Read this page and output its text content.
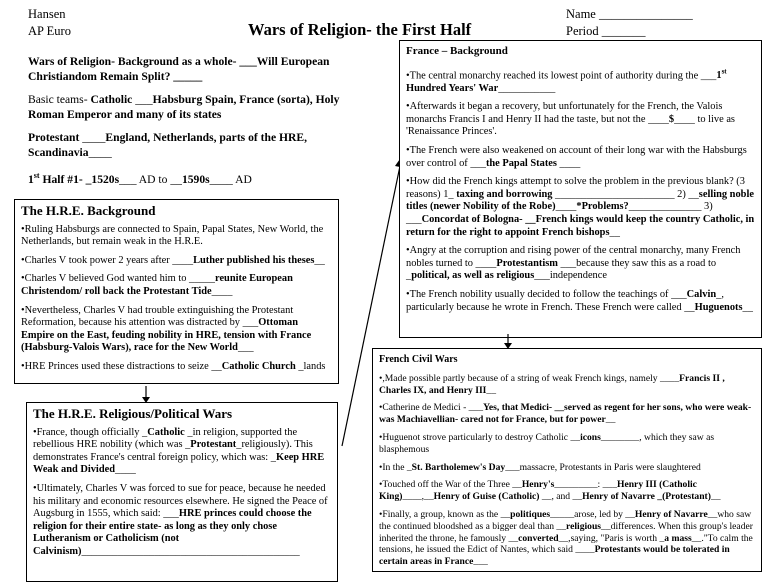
Hansen
AP Euro	Wars of Religion- the First Half
Name _______________
Period _______

Wars of Religion- Background as a whole- ___Will European Christiandom Remain Split? _____

Basic teams- Catholic ___Habsburg Spain, France (sorta), Holy Roman Emperor and many of its states

Protestant ____England, Netherlands, parts of the HRE, Scandinavia____

1st Half #1- _1520s___ AD to __1590s____ AD

The H.R.E. Background

•Ruling Habsburgs are connected to Spain, Papal States, New World, the Netherlands, but remain weak in the H.R.E.

•Charles V took power 2 years after ____Luther published his theses__

•Charles V believed God wanted him to _____reunite European Christendom/ roll back the Protestant Tide____

•Nevertheless, Charles V had trouble extinguishing the Protestant Reformation, because his attention was distracted by ___Ottoman Empire on the East, feuding nobility in HRE, tension with France (Habsburg-Valois Wars), race for the New World___

•HRE Princes used these distractions to seize __Catholic Church _lands

The H.R.E. Religious/Political Wars

•France, though officially _Catholic _in religion, supported the rebellious HRE nobility (which was _Protestant_religiously). This demonstrates France's central foreign policy, which was: _Keep HRE Weak and Divided____

•Ultimately, Charles V was forced to sue for peace, because he needed his military and economic resources elsewhere. He signed the Peace of Augsburg in 1555, which said: ___HRE princes could choose the religion for their entire state- as long as they only chose Lutheranism or Catholicism (not Calvinism)__________________________________________

France – Background

•The central monarchy reached its lowest point of authority during the ___1st Hundred Years' War___________

•Afterwards it began a recovery, but unfortunately for the French, the Valois monarchs Francis I and Henry II had the taste, but not the ____$____ to live as 'Renaissance Princes'.

•The French were also weakened on account of their long war with the Habsburgs over control of ___the Papal States ____

•How did the French kings attempt to solve the problem in the previous blank? (3 reasons) 1_ taxing and borrowing _______________________ 2) __selling noble titles (newer Nobility of the Robe)____*Problems?______________ 3) ___Concordat of Bologna- __French kings would keep the country Catholic, in return for the right to appoint French bishops__

•Angry at the corruption and rising power of the central monarchy, many French nobles turned to ____Protestantism ___because they saw this as a road to _political, as well as religious___independence

•The French nobility usually decided to follow the teachings of ___Calvin_, particularly because he wrote in French. These French were called __Huguenots__

French Civil Wars

•,Made possible partly because of a string of weak French kings, namely ____Francis II , Charles IX, and Henry III__

•Catherine de Medici - ___Yes, that Medici- __served as regent for her sons, who were weak- was Machiavellian- cared not for France, but for power__

•Huguenot strove particularly to destroy Catholic __icons________, which they saw as blasphemous

•In the _St. Bartholemew's Day___massacre, Protestants in Paris were slaughtered

•Touched off the War of the Three __Henry's_________: ___Henry III (Catholic King)____,__Henry of Guise (Catholic) __, and __Henry of Navarre _(Protestant)__

•Finally, a group, known as the __politiques_____arose, led by __Henry of Navarre__who saw the continued bloodshed as a bigger deal than __religious__differences. When this group's leader inherited the throne, he famously __converted__,saying, "Paris is worth _a mass__."To calm the tensions, he issued the Edict of Nantes, which said ____Protestants would be tolerated in certain areas in France___
